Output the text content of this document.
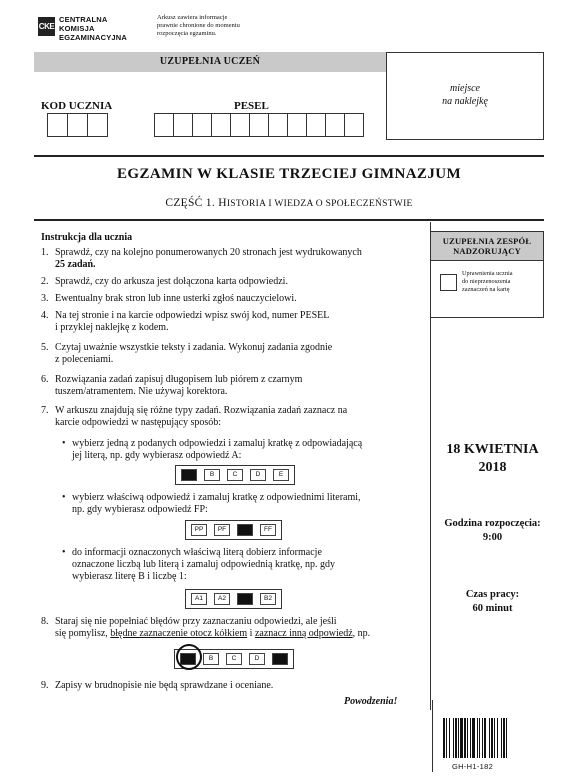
CKE
CENTRALNA
KOMISJA
EGZAMINACYJNA
Arkusz zawiera informacje
prawnie chronione do momentu
rozpoczęcia egzaminu.
UZUPEŁNIA UCZEŃ
KOD UCZNIA	PESEL
miejsce
na naklejkę
EGZAMIN W KLASIE TRZECIEJ GIMNAZJUM
CZĘŚĆ 1. HISTORIA I WIEDZA O SPOŁECZEŃSTWIE
Instrukcja dla ucznia
1. Sprawdź, czy na kolejno ponumerowanych 20 stronach jest wydrukowanych
25 zadań.
2. Sprawdź, czy do arkusza jest dołączona karta odpowiedzi.
3. Ewentualny brak stron lub inne usterki zgłoś nauczycielowi.
4. Na tej stronie i na karcie odpowiedzi wpisz swój kod, numer PESEL
i przyklej naklejkę z kodem.
5. Czytaj uważnie wszystkie teksty i zadania. Wykonuj zadania zgodnie
z poleceniami.
6. Rozwiązania zadań zapisuj długopisem lub piórem z czarnym
tuszem/atramentem. Nie używaj korektora.
7. W arkuszu znajdują się różne typy zadań. Rozwiązania zadań zaznacz na
karcie odpowiedzi w następujący sposób:
• wybierz jedną z podanych odpowiedzi i zamaluj kratkę z odpowiadającą
jej literą, np. gdy wybierasz odpowiedź A:
A	B	C	D	E
• wybierz właściwą odpowiedź i zamaluj kratkę z odpowiednimi literami,
np. gdy wybierasz odpowiedź FP:
PP	PF	FP	FF
• do informacji oznaczonych właściwą literą dobierz informacje
oznaczone liczbą lub literą i zamaluj odpowiednią kratkę, np. gdy
wybierasz literę B i liczbę 1:
A1	A2	B1	B2
8. Staraj się nie popełniać błędów przy zaznaczaniu odpowiedzi, ale jeśli
się pomylisz, błędne zaznaczenie otocz kółkiem i zaznacz inną odpowiedź, np.
A	B	C	D	E
9. Zapisy w brudnopisie nie będą sprawdzane i oceniane.
Powodzenia!
UZUPEŁNIA ZESPÓŁ
NADZORUJĄCY
Uprawnienia ucznia
do nieprzenoszenia
zaznaczeń na kartę
18 KWIETNIA
2018
Godzina rozpoczęcia:
9:00
Czas pracy:
60 minut
GH-H1-182
